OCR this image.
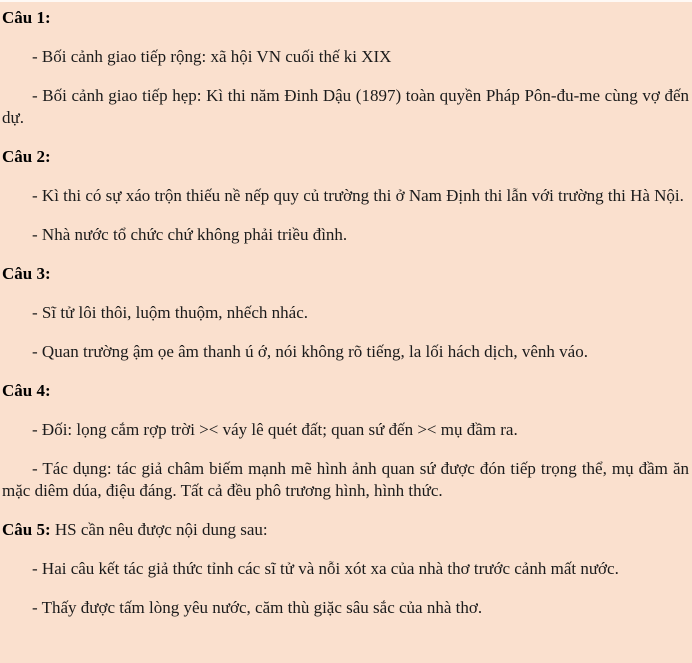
Câu 1:

- Bối cảnh giao tiếp rộng: xã hội VN cuối thế ki XIX

- Bối cảnh giao tiếp hẹp: Kì thi năm Đinh Dậu (1897) toàn quyền Pháp Pôn-đu-me cùng vợ đến dự.

Câu 2:

- Kì thi có sự xáo trộn thiếu nề nếp quy củ trường thi ở Nam Định thi lẫn với trường thi Hà Nội.

- Nhà nước tổ chức chứ không phải triều đình.

Câu 3:

- Sĩ tử lôi thôi, luộm thuộm, nhếch nhác.

- Quan trường ậm ọe âm thanh ú ớ, nói không rõ tiếng, la lối hách dịch, vênh váo.

Câu 4:

- Đối: lọng cắm rợp trời >< váy lê quét đất; quan sứ đến >< mụ đầm ra.

- Tác dụng: tác giả châm biếm mạnh mẽ hình ảnh quan sứ được đón tiếp trọng thể, mụ đầm ăn mặc diêm dúa, điệu đáng. Tất cả đều phô trương hình, hình thức.

Câu 5: HS cần nêu được nội dung sau:

- Hai câu kết tác giả thức tỉnh các sĩ tử và nỗi xót xa của nhà thơ trước cảnh mất nước.

- Thấy được tấm lòng yêu nước, căm thù giặc sâu sắc của nhà thơ.
